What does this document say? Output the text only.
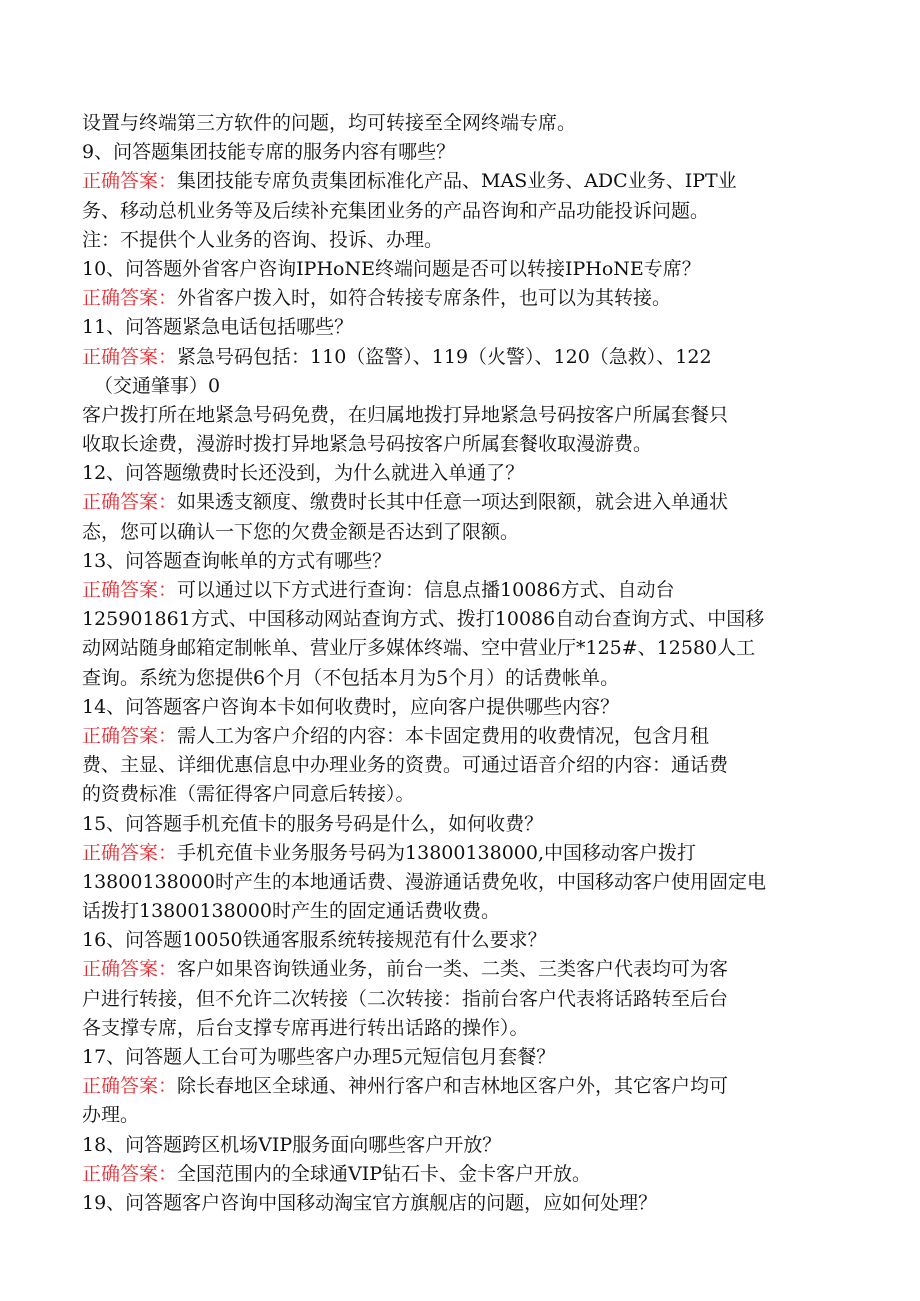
设置与终端第三方软件的问题，均可转接至全网终端专席。
9、问答题集团技能专席的服务内容有哪些？
正确答案：集团技能专席负责集团标准化产品、MAS业务、ADC业务、IPT业
务、移动总机业务等及后续补充集团业务的产品咨询和产品功能投诉问题。
注：不提供个人业务的咨询、投诉、办理。
10、问答题外省客户咨询IPHoNE终端问题是否可以转接IPHoNE专席？
正确答案：外省客户拨入时，如符合转接专席条件，也可以为其转接。
11、问答题紧急电话包括哪些？
正确答案：紧急号码包括：110（盗警）、119（火警）、120（急救）、122
（交通肇事）0
客户拨打所在地紧急号码免费，在归属地拨打异地紧急号码按客户所属套餐只
收取长途费，漫游时拨打异地紧急号码按客户所属套餐收取漫游费。
12、问答题缴费时长还没到，为什么就进入单通了？
正确答案：如果透支额度、缴费时长其中任意一项达到限额，就会进入单通状
态，您可以确认一下您的欠费金额是否达到了限额。
13、问答题查询帐单的方式有哪些？
正确答案：可以通过以下方式进行查询：信息点播10086方式、自动台
125901861方式、中国移动网站查询方式、拨打10086自动台查询方式、中国移
动网站随身邮箱定制帐单、营业厅多媒体终端、空中营业厅*125#、12580人工
查询。系统为您提供6个月（不包括本月为5个月）的话费帐单。
14、问答题客户咨询本卡如何收费时，应向客户提供哪些内容？
正确答案：需人工为客户介绍的内容：本卡固定费用的收费情况，包含月租
费、主显、详细优惠信息中办理业务的资费。可通过语音介绍的内容：通话费
的资费标准（需征得客户同意后转接）。
15、问答题手机充值卡的服务号码是什么，如何收费？
正确答案：手机充值卡业务服务号码为13800138000,中国移动客户拨打
13800138000时产生的本地通话费、漫游通话费免收，中国移动客户使用固定电
话拨打13800138000时产生的固定通话费收费。
16、问答题10050铁通客服系统转接规范有什么要求？
正确答案：客户如果咨询铁通业务，前台一类、二类、三类客户代表均可为客
户进行转接，但不允许二次转接（二次转接：指前台客户代表将话路转至后台
各支撑专席，后台支撑专席再进行转出话路的操作）。
17、问答题人工台可为哪些客户办理5元短信包月套餐？
正确答案：除长春地区全球通、神州行客户和吉林地区客户外，其它客户均可
办理。
18、问答题跨区机场VIP服务面向哪些客户开放？
正确答案：全国范围内的全球通VIP钻石卡、金卡客户开放。
19、问答题客户咨询中国移动淘宝官方旗舰店的问题，应如何处理？
